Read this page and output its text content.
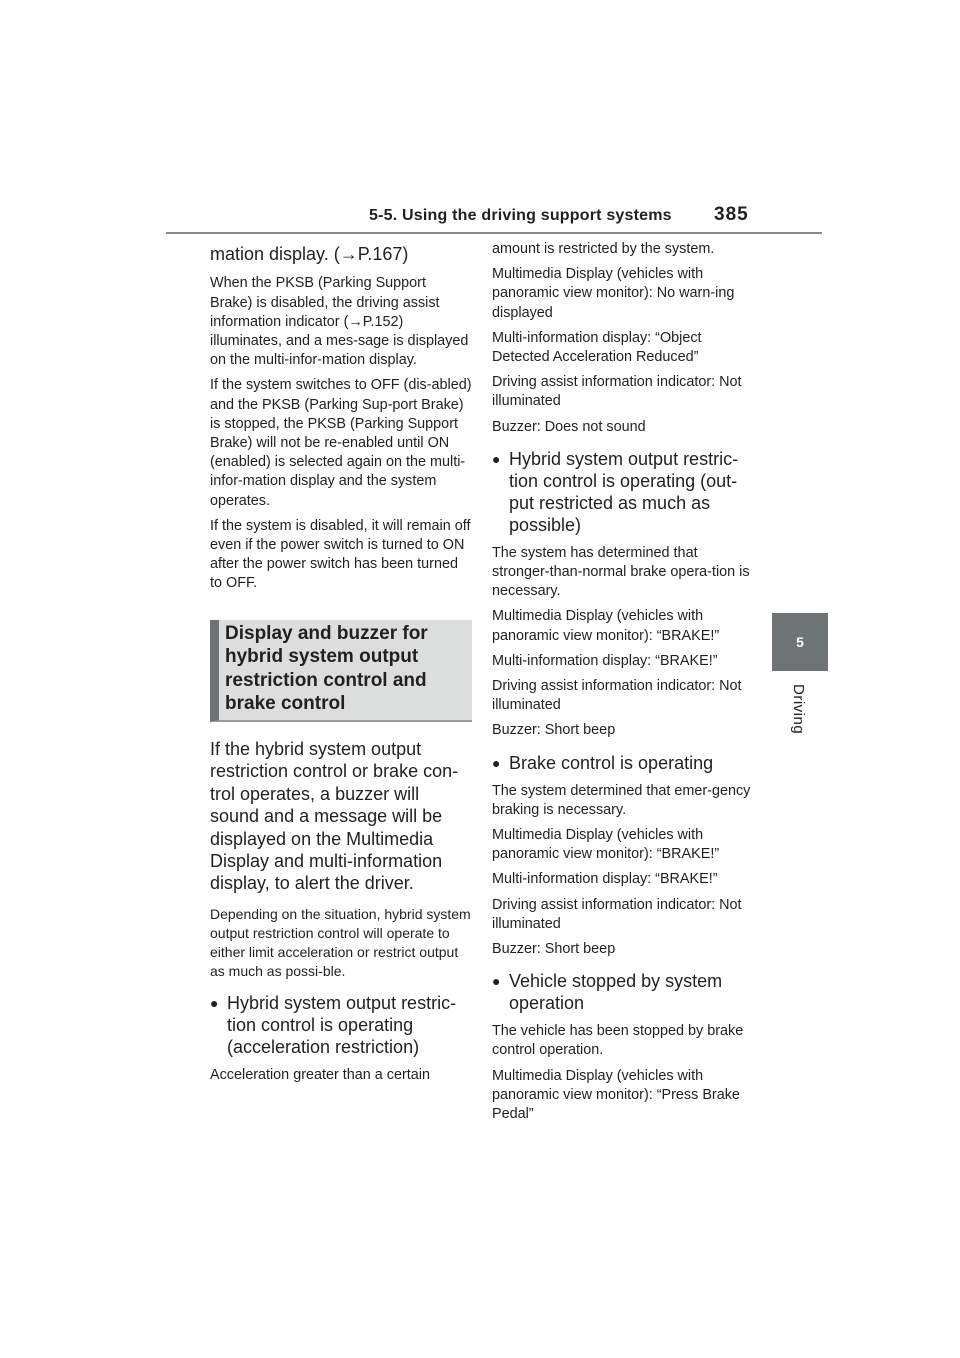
5-5. Using the driving support systems	385
5
Driving

mation display. (→P.167)

When the PKSB (Parking Support Brake) is disabled, the driving assist information indicator (→P.152) illuminates, and a mes-sage is displayed on the multi-infor-mation display.

If the system switches to OFF (dis-abled) and the PKSB (Parking Sup-port Brake) is stopped, the PKSB (Parking Support Brake) will not be re-enabled until ON (enabled) is selected again on the multi-infor-mation display and the system operates.

If the system is disabled, it will remain off even if the power switch is turned to ON after the power switch has been turned to OFF.

Display and buzzer for hybrid system output restriction control and brake control

If the hybrid system output restriction control or brake con-trol operates, a buzzer will sound and a message will be displayed on the Multimedia Display and multi-information display, to alert the driver.

Depending on the situation, hybrid system output restriction control will operate to either limit acceleration or restrict output as much as possi-ble.

● Hybrid system output restric-tion control is operating (acceleration restriction)

Acceleration greater than a certain

amount is restricted by the system.

Multimedia Display (vehicles with panoramic view monitor): No warn-ing displayed

Multi-information display: “Object Detected Acceleration Reduced”

Driving assist information indicator: Not illuminated

Buzzer: Does not sound

● Hybrid system output restric-tion control is operating (out-put restricted as much as possible)

The system has determined that stronger-than-normal brake opera-tion is necessary.

Multimedia Display (vehicles with panoramic view monitor): “BRAKE!”

Multi-information display: “BRAKE!”

Driving assist information indicator: Not illuminated

Buzzer: Short beep

● Brake control is operating

The system determined that emer-gency braking is necessary.

Multimedia Display (vehicles with panoramic view monitor): “BRAKE!”

Multi-information display: “BRAKE!”

Driving assist information indicator: Not illuminated

Buzzer: Short beep

● Vehicle stopped by system operation

The vehicle has been stopped by brake control operation.

Multimedia Display (vehicles with panoramic view monitor): “Press Brake Pedal”
